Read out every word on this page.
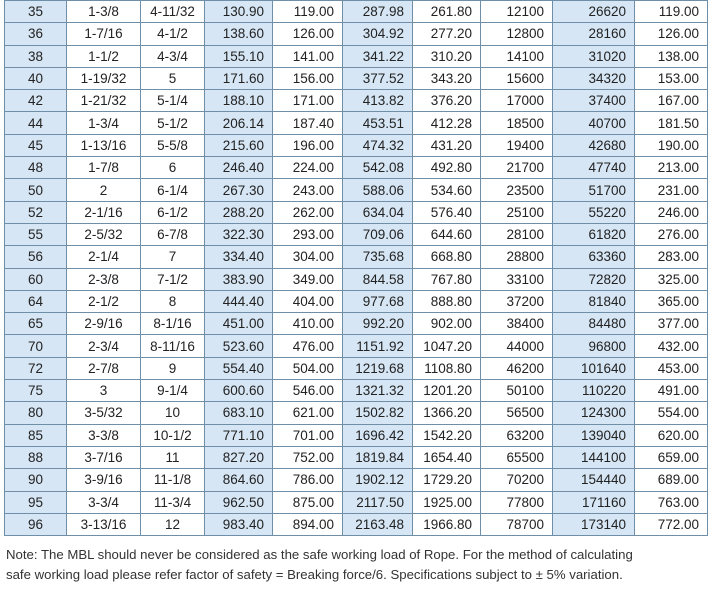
35	1-3/8	4-11/32	130.90	119.00	287.98	261.80	12100	26620	119.00
36	1-7/16	4-1/2	138.60	126.00	304.92	277.20	12800	28160	126.00
38	1-1/2	4-3/4	155.10	141.00	341.22	310.20	14100	31020	138.00
40	1-19/32	5	171.60	156.00	377.52	343.20	15600	34320	153.00
42	1-21/32	5-1/4	188.10	171.00	413.82	376.20	17000	37400	167.00
44	1-3/4	5-1/2	206.14	187.40	453.51	412.28	18500	40700	181.50
45	1-13/16	5-5/8	215.60	196.00	474.32	431.20	19400	42680	190.00
48	1-7/8	6	246.40	224.00	542.08	492.80	21700	47740	213.00
50	2	6-1/4	267.30	243.00	588.06	534.60	23500	51700	231.00
52	2-1/16	6-1/2	288.20	262.00	634.04	576.40	25100	55220	246.00
55	2-5/32	6-7/8	322.30	293.00	709.06	644.60	28100	61820	276.00
56	2-1/4	7	334.40	304.00	735.68	668.80	28800	63360	283.00
60	2-3/8	7-1/2	383.90	349.00	844.58	767.80	33100	72820	325.00
64	2-1/2	8	444.40	404.00	977.68	888.80	37200	81840	365.00
65	2-9/16	8-1/16	451.00	410.00	992.20	902.00	38400	84480	377.00
70	2-3/4	8-11/16	523.60	476.00	1151.92	1047.20	44000	96800	432.00
72	2-7/8	9	554.40	504.00	1219.68	1108.80	46200	101640	453.00
75	3	9-1/4	600.60	546.00	1321.32	1201.20	50100	110220	491.00
80	3-5/32	10	683.10	621.00	1502.82	1366.20	56500	124300	554.00
85	3-3/8	10-1/2	771.10	701.00	1696.42	1542.20	63200	139040	620.00
88	3-7/16	11	827.20	752.00	1819.84	1654.40	65500	144100	659.00
90	3-9/16	11-1/8	864.60	786.00	1902.12	1729.20	70200	154440	689.00
95	3-3/4	11-3/4	962.50	875.00	2117.50	1925.00	77800	171160	763.00
96	3-13/16	12	983.40	894.00	2163.48	1966.80	78700	173140	772.00
Note: The MBL should never be considered as the safe working load of Rope. For the method of calculating
safe working load please refer factor of safety = Breaking force/6. Specifications subject to ± 5% variation.
